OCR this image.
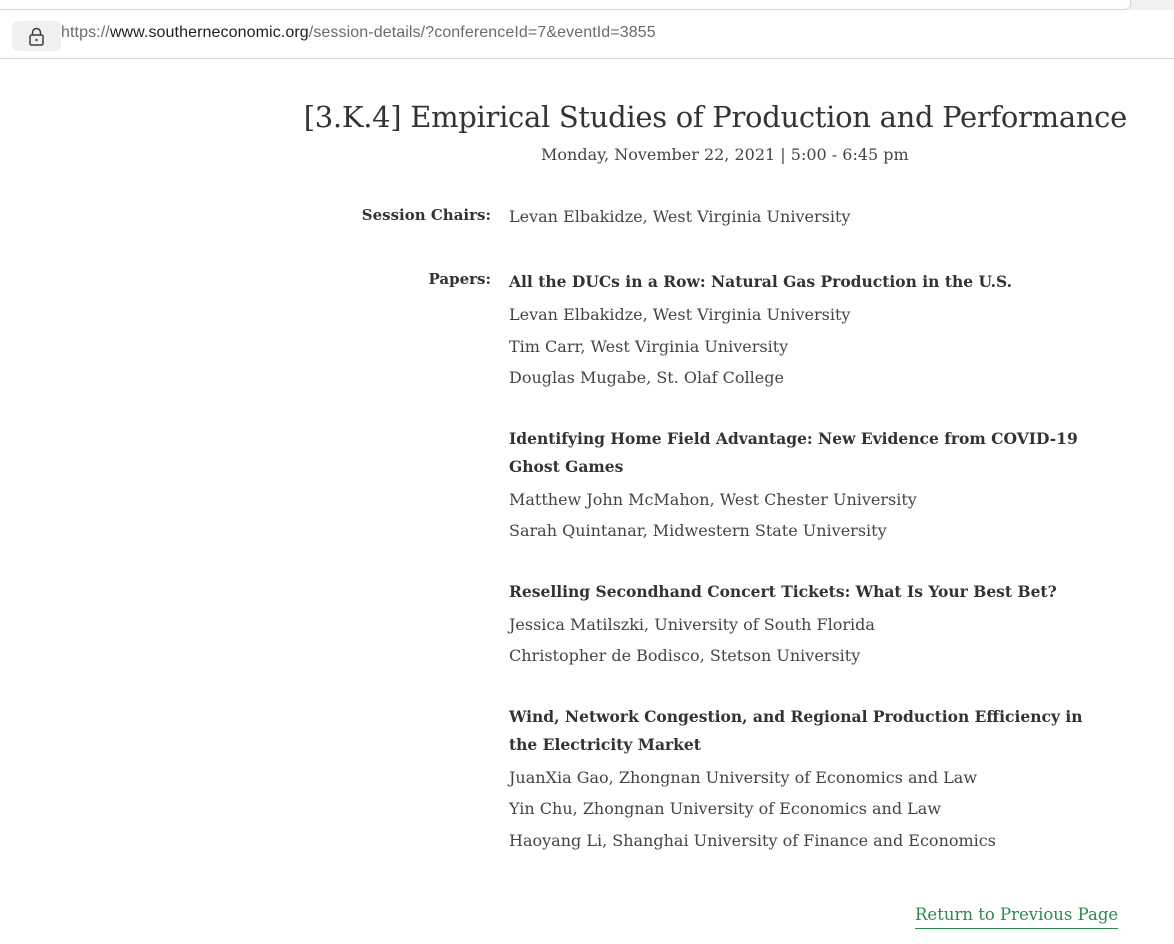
https://www.southerneconomic.org/session-details/?conferenceId=7&eventId=3855
[3.K.4] Empirical Studies of Production and Performance
Monday, November 22, 2021 | 5:00 - 6:45 pm
Session Chairs: Levan Elbakidze, West Virginia University
Papers: All the DUCs in a Row: Natural Gas Production in the U.S.
Levan Elbakidze, West Virginia University
Tim Carr, West Virginia University
Douglas Mugabe, St. Olaf College
Identifying Home Field Advantage: New Evidence from COVID-19 Ghost Games
Matthew John McMahon, West Chester University
Sarah Quintanar, Midwestern State University
Reselling Secondhand Concert Tickets: What Is Your Best Bet?
Jessica Matilszki, University of South Florida
Christopher de Bodisco, Stetson University
Wind, Network Congestion, and Regional Production Efficiency in the Electricity Market
JuanXia Gao, Zhongnan University of Economics and Law
Yin Chu, Zhongnan University of Economics and Law
Haoyang Li, Shanghai University of Finance and Economics
Return to Previous Page
